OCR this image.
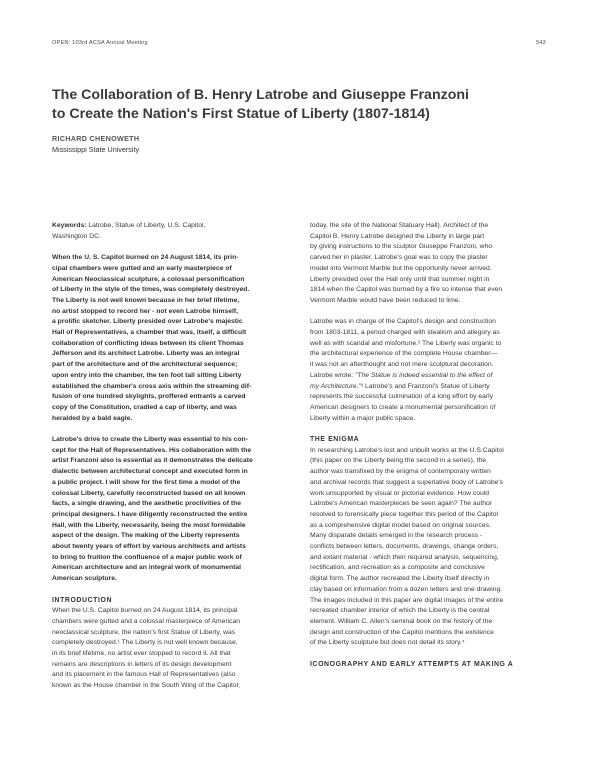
OPEN: 103rd ACSA Annual Meeting	543
The Collaboration of B. Henry Latrobe and Giuseppe Franzoni
to Create the Nation's First Statue of Liberty (1807-1814)
RICHARD CHENOWETH
Mississippi State University

Keywords: Latrobe, Statue of Liberty, U.S. Capitol,

Washington DC.
When the U. S. Capitol burned on 24 August 1814, its prin-
cipal chambers were gutted and an early masterpiece of
American Neoclassical sculpture, a colossal personification
of Liberty in the style of the times, was completely destroyed.
The Liberty is not well known because in her brief lifetime,
no artist stopped to record her - not even Latrobe himself,
a prolific sketcher. Liberty presided over Latrobe's majestic
Hall of Representatives, a chamber that was, itself, a difficult
collaboration of conflicting ideas between its client Thomas
Jefferson and its architect Latrobe. Liberty was an integral
part of the architecture and of the architectural sequence;
upon entry into the chamber, the ten foot tall sitting Liberty
established the chamber's cross axis within the streaming dif-
fusion of one hundred skylights, proffered entrants a carved
copy of the Constitution, cradled a cap of liberty, and was
heralded by a bald eagle.
Latrobe's drive to create the Liberty was essential to his con-
cept for the Hall of Representatives. His collaboration with the
artist Franzoni also is essential as it demonstrates the delicate
dialectic between architectural concept and executed form in
a public project. I will show for the first time a model of the
colossal Liberty, carefully reconstructed based on all known
facts, a single drawing, and the aesthetic proclivities of the
principal designers. I have diligently reconstructed the entire
Hall, with the Liberty, necessarily, being the most formidable
aspect of the design. The making of the Liberty represents
about twenty years of effort by various architects and artists
to bring to fruition the confluence of a major public work of
American architecture and an integral work of monumental
American sculpture.
INTRODUCTION
When the U.S. Capitol burned on 24 August 1814, its principal
chambers were gutted and a colossal masterpiece of American
neoclassical sculpture, the nation's first Statue of Liberty, was
completely destroyed.¹ The Liberty is not well known because,
in its brief lifetime, no artist ever stopped to record it. All that
remains are descriptions in letters of its design development
and its placement in the famous Hall of Representatives (also
known as the House chamber in the South Wing of the Capitol;
today, the site of the National Statuary Hall). Architect of the
Capitol B. Henry Latrobe designed the Liberty in large part
by giving instructions to the sculptor Giuseppe Franzoni, who
carved her in plaster. Latrobe's goal was to copy the plaster
model into Vermont Marble but the opportunity never arrived.
Liberty presided over the Hall only until that summer night in
1814 when the Capitol was burned by a fire so intense that even
Vermont Marble would have been reduced to lime.
Latrobe was in charge of the Capitol's design and construction
from 1803-1811, a period charged with idealism and allegory as
well as with scandal and misfortune.² The Liberty was organic to
the architectural experience of the complete House chamber—
it was not an afterthought and not mere sculptural decoration.
Latrobe wrote: "The Statue is indeed essential to the effect of
my Architecture."³ Latrobe's and Franzoni's Statue of Liberty
represents the successful culmination of a long effort by early
American designers to create a monumental personification of
Liberty within a major public space.
THE ENIGMA
In researching Latrobe's lost and unbuilt works at the U.S.Capitol
(this paper on the Liberty being the second in a series), the
author was transfixed by the enigma of contemporary written
and archival records that suggest a superlative body of Latrobe's
work unsupported by visual or pictorial evidence. How could
Latrobe's American masterpieces be seen again? The author
resolved to forensically piece together this period of the Capitol
as a comprehensive digital model based on original sources.
Many disparate details emerged in the research process -
conflicts between letters, documents, drawings, change orders,
and extant material - which then required analysis, sequencing,
rectification, and recreation as a composite and conclusive
digital form. The author recreated the Liberty itself directly in
clay based on information from a dozen letters and one drawing.
The images included in this paper are digital images of the entire
recreated chamber interior of which the Liberty is the central
element. William C. Allen's seminal book on the history of the
design and construction of the Capitol mentions the existence
of the Liberty sculpture but does not detail its story.⁴
ICONOGRAPHY AND EARLY ATTEMPTS AT MAKING A
